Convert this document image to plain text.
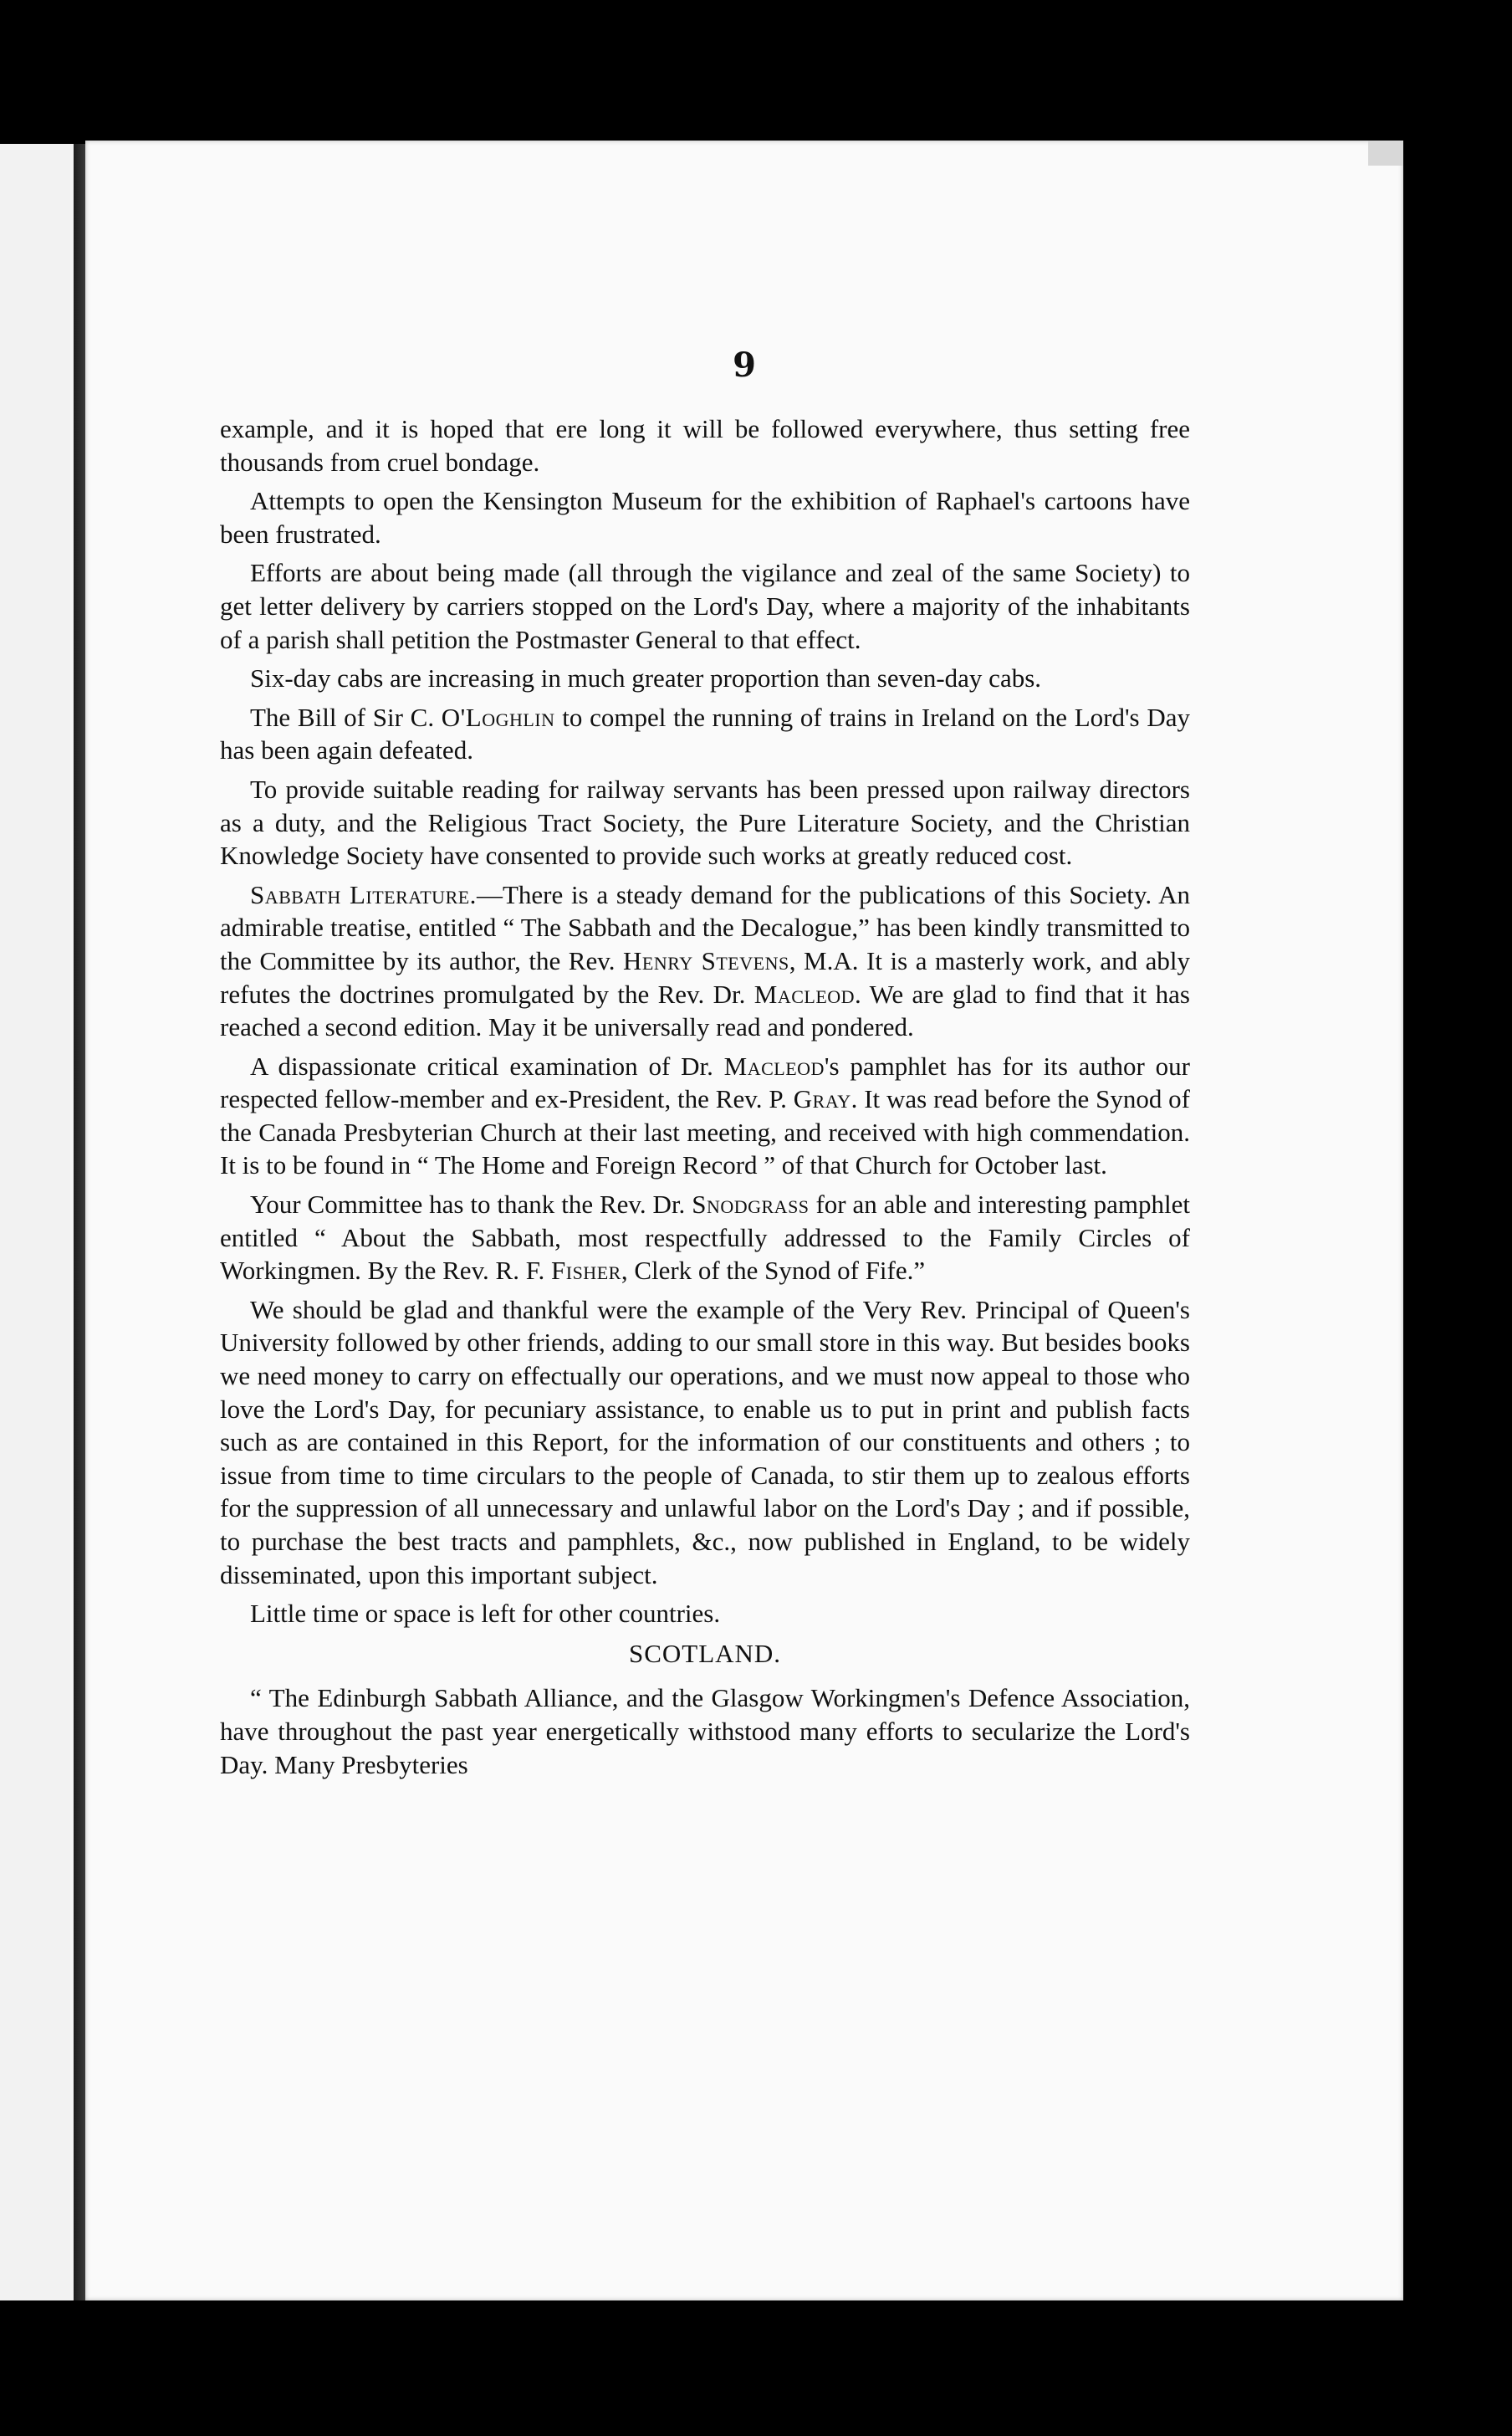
9

example, and it is hoped that ere long it will be followed everywhere, thus setting free thousands from cruel bondage.

Attempts to open the Kensington Museum for the exhibition of Raphael's cartoons have been frustrated.

Efforts are about being made (all through the vigilance and zeal of the same Society) to get letter delivery by carriers stopped on the Lord's Day, where a majority of the inhabitants of a parish shall petition the Postmaster General to that effect.

Six-day cabs are increasing in much greater proportion than seven-day cabs.

The Bill of Sir C. O'Loghlin to compel the running of trains in Ireland on the Lord's Day has been again defeated.

To provide suitable reading for railway servants has been pressed upon railway directors as a duty, and the Religious Tract Society, the Pure Literature Society, and the Christian Knowledge Society have consented to provide such works at greatly reduced cost.

Sabbath Literature.—There is a steady demand for the publications of this Society. An admirable treatise, entitled “ The Sabbath and the Decalogue,” has been kindly transmitted to the Committee by its author, the Rev. Henry Stevens, M.A. It is a masterly work, and ably refutes the doctrines promulgated by the Rev. Dr. Macleod. We are glad to find that it has reached a second edition. May it be universally read and pondered.

A dispassionate critical examination of Dr. Macleod's pamphlet has for its author our respected fellow-member and ex-President, the Rev. P. Gray. It was read before the Synod of the Canada Presbyterian Church at their last meeting, and received with high commendation. It is to be found in “ The Home and Foreign Record ” of that Church for October last.

Your Committee has to thank the Rev. Dr. Snodgrass for an able and interesting pamphlet entitled “ About the Sabbath, most respectfully addressed to the Family Circles of Workingmen. By the Rev. R. F. Fisher, Clerk of the Synod of Fife.”

We should be glad and thankful were the example of the Very Rev. Principal of Queen's University followed by other friends, adding to our small store in this way. But besides books we need money to carry on effectually our operations, and we must now appeal to those who love the Lord's Day, for pecuniary assistance, to enable us to put in print and publish facts such as are contained in this Report, for the information of our constituents and others ; to issue from time to time circulars to the people of Canada, to stir them up to zealous efforts for the suppression of all unnecessary and unlawful labor on the Lord's Day ; and if possible, to purchase the best tracts and pamphlets, &c., now published in England, to be widely disseminated, upon this important subject.

Little time or space is left for other countries.

SCOTLAND.

“ The Edinburgh Sabbath Alliance, and the Glasgow Workingmen's Defence Association, have throughout the past year energetically withstood many efforts to secularize the Lord's Day. Many Presbyteries
